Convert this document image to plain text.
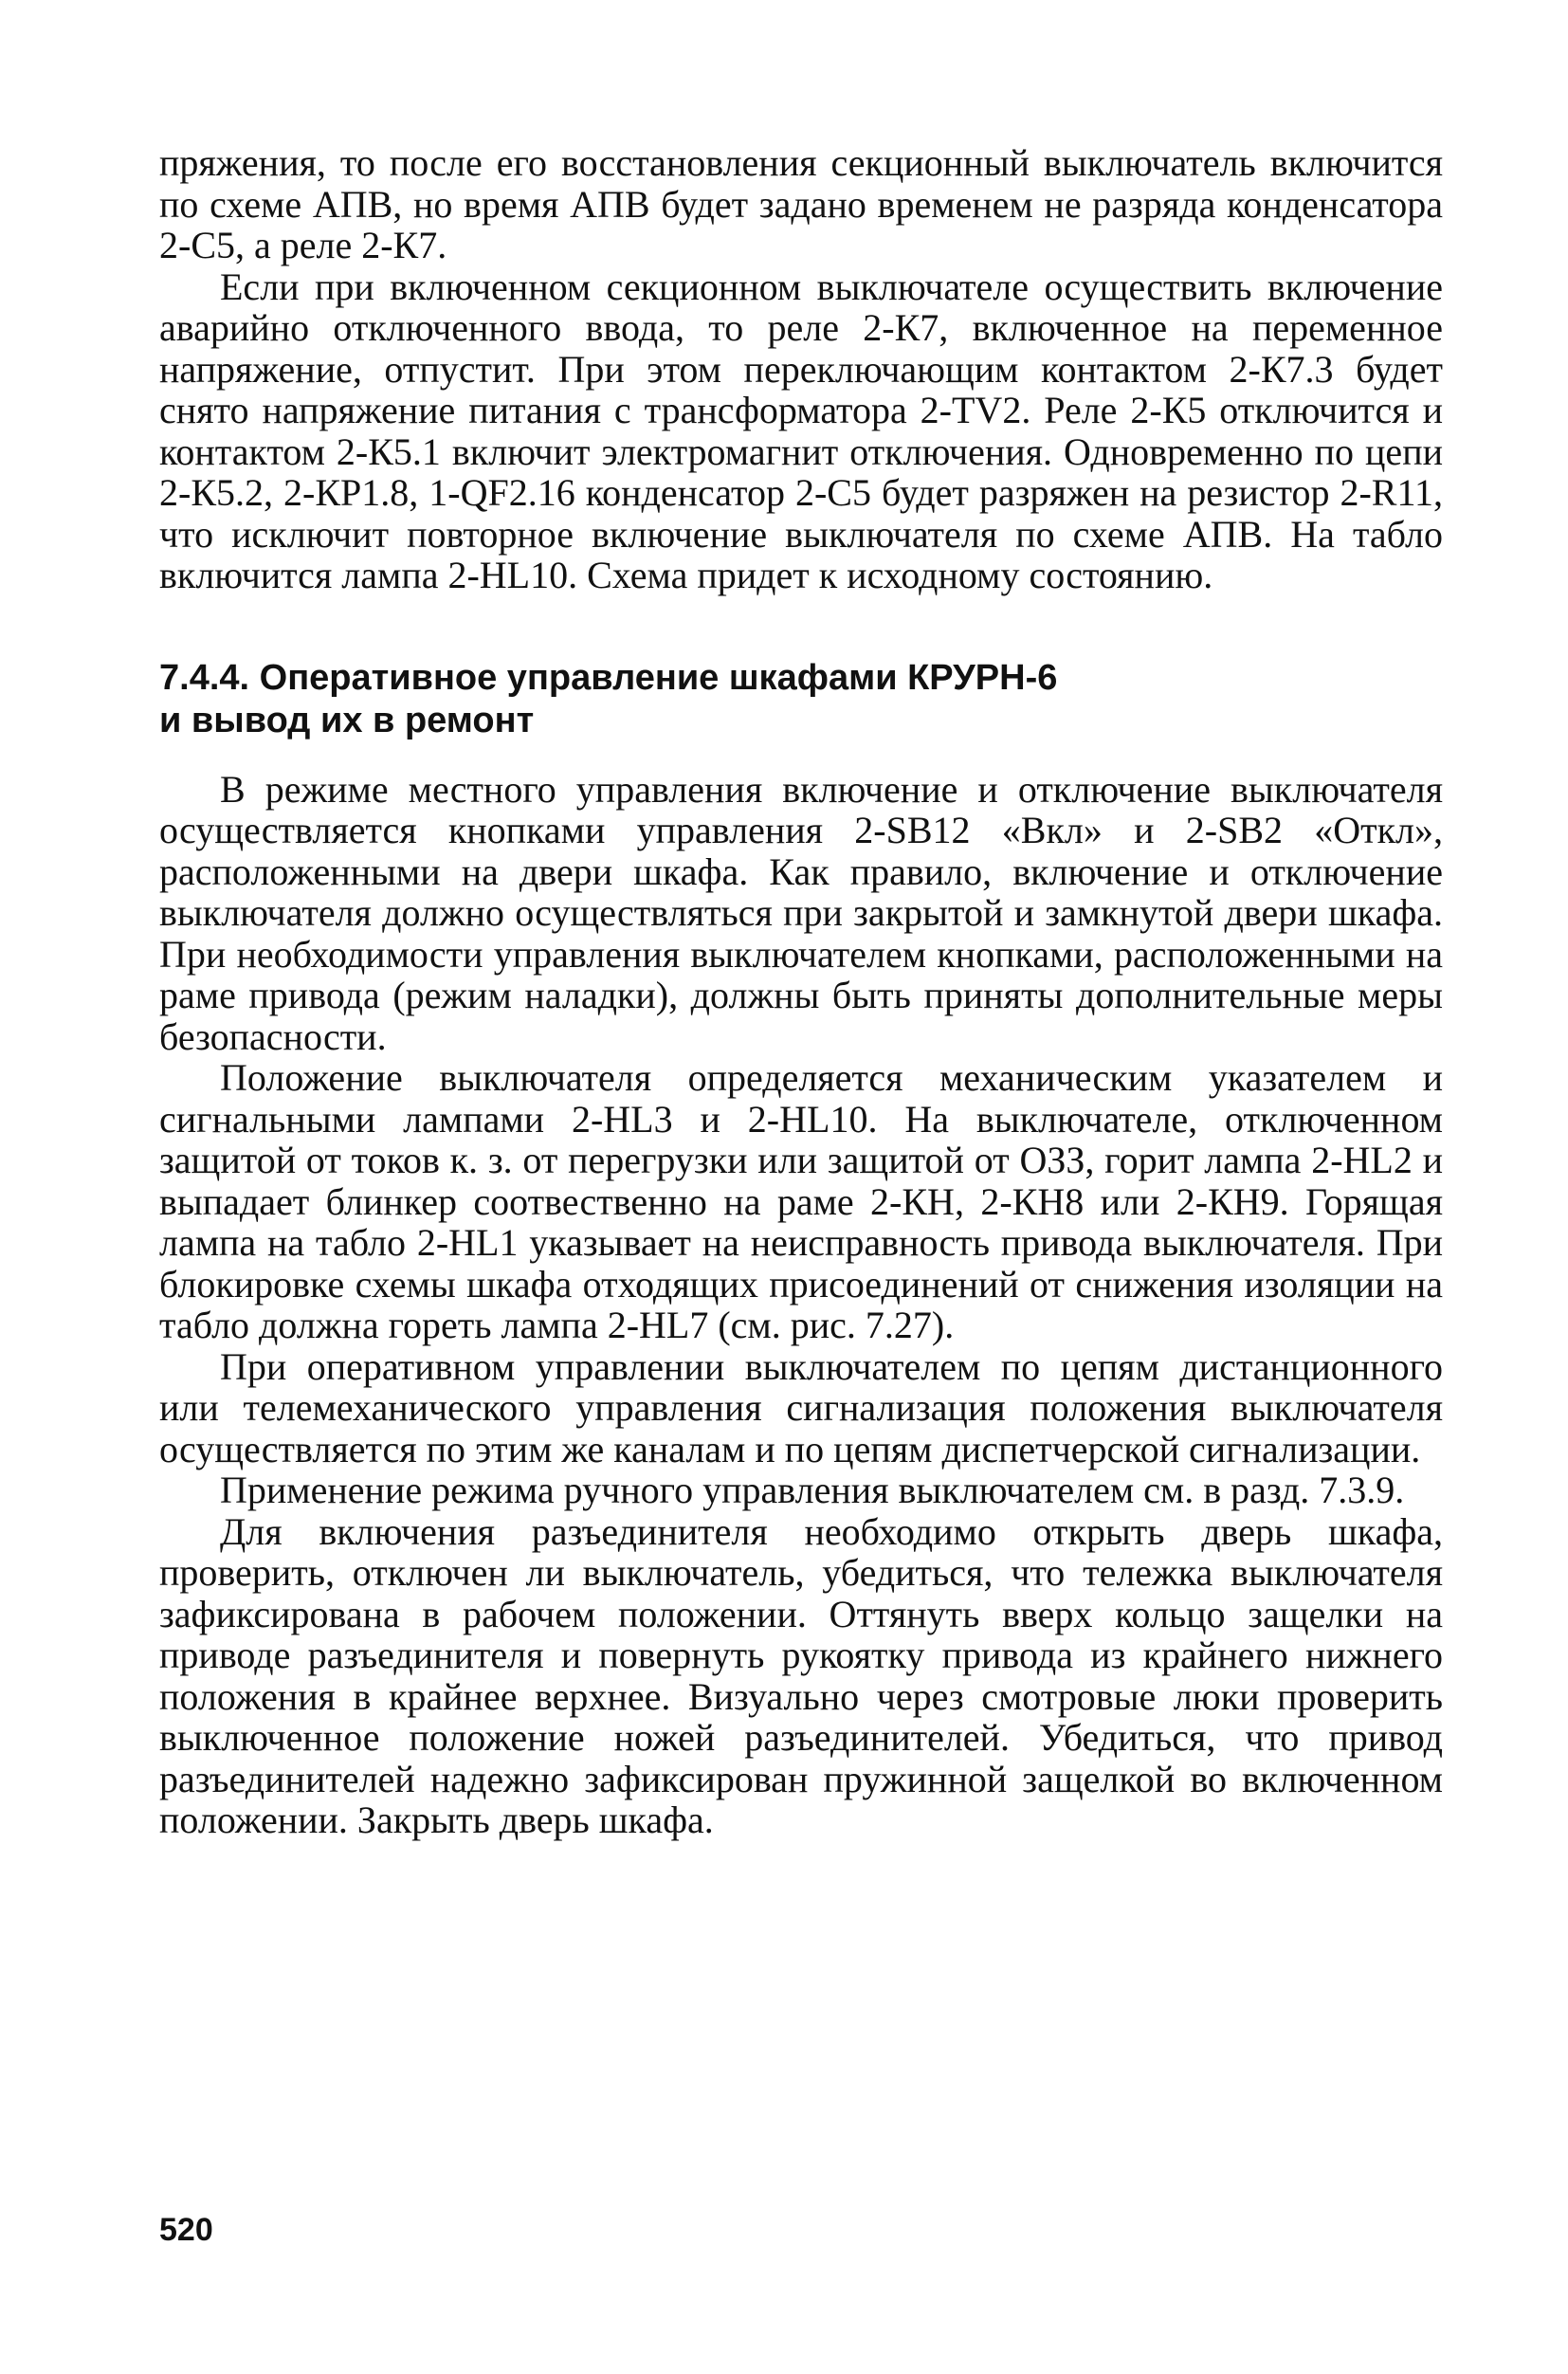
пряжения, то после его восстановления секционный выключатель включится по схеме АПВ, но время АПВ будет задано временем не разряда конденсатора 2-С5, а реле 2-К7.

Если при включенном секционном выключателе осуществить включение аварийно отключенного ввода, то реле 2-К7, включенное на переменное напряжение, отпустит. При этом переключающим контактом 2-К7.3 будет снято напряжение питания с трансформатора 2-TV2. Реле 2-К5 отключится и контактом 2-К5.1 включит электромагнит отключения. Одновременно по цепи 2-К5.2, 2-КР1.8, 1-QF2.16 конденсатор 2-С5 будет разряжен на резистор 2-R11, что исключит повторное включение выключателя по схеме АПВ. На табло включится лампа 2-HL10. Схема придет к исходному состоянию.

7.4.4. Оперативное управление шкафами КРУРН-6
и вывод их в ремонт

В режиме местного управления включение и отключение выключателя осуществляется кнопками управления 2-SB12 «Вкл» и 2-SB2 «Откл», расположенными на двери шкафа. Как правило, включение и отключение выключателя должно осуществляться при закрытой и замкнутой двери шкафа. При необходимости управления выключателем кнопками, расположенными на раме привода (режим наладки), должны быть приняты дополнительные меры безопасности.

Положение выключателя определяется механическим указателем и сигнальными лампами 2-HL3 и 2-HL10. На выключателе, отключенном защитой от токов к. з. от перегрузки или защитой от ОЗЗ, горит лампа 2-HL2 и выпадает блинкер соотвественно на раме 2-КН, 2-КН8 или 2-КН9. Горящая лампа на табло 2-HL1 указывает на неисправность привода выключателя. При блокировке схемы шкафа отходящих присоединений от снижения изоляции на табло должна гореть лампа 2-HL7 (см. рис. 7.27).

При оперативном управлении выключателем по цепям дистанционного или телемеханического управления сигнализация положения выключателя осуществляется по этим же каналам и по цепям диспетчерской сигнализации.

Применение режима ручного управления выключателем см. в разд. 7.3.9.

Для включения разъединителя необходимо открыть дверь шкафа, проверить, отключен ли выключатель, убедиться, что тележка выключателя зафиксирована в рабочем положении. Оттянуть вверх кольцо защелки на приводе разъединителя и повернуть рукоятку привода из крайнего нижнего положения в крайнее верхнее. Визуально через смотровые люки проверить выключенное положение ножей разъединителей. Убедиться, что привод разъединителей надежно зафиксирован пружинной защелкой во включенном положении. Закрыть дверь шкафа.

520
